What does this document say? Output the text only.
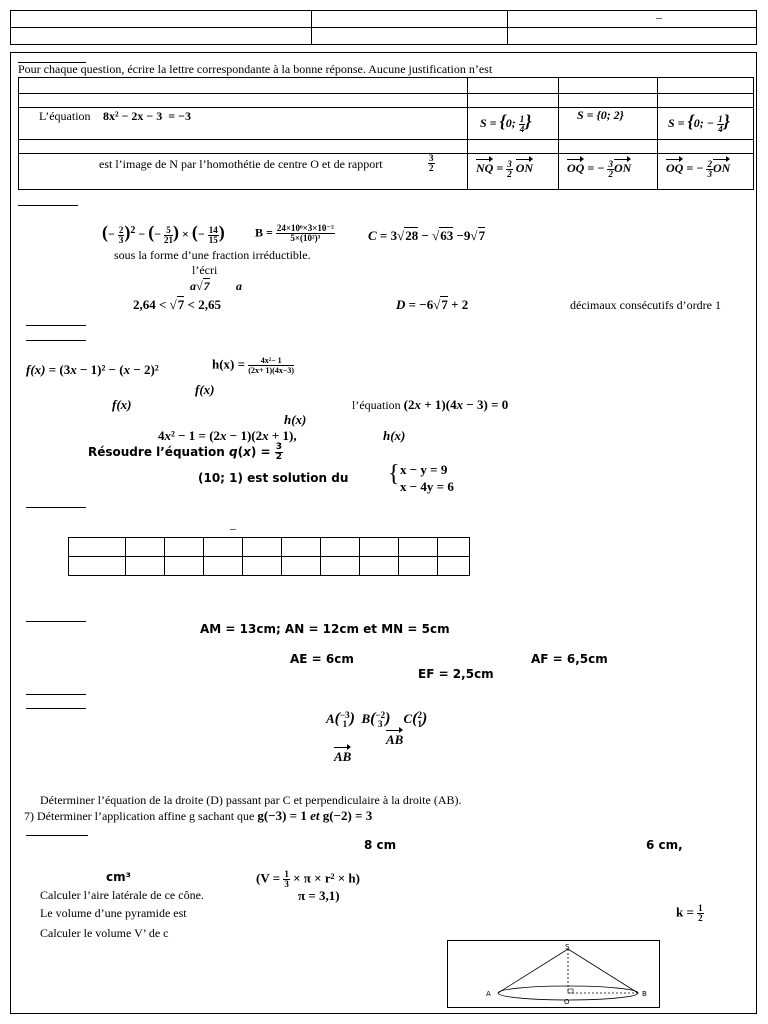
		–

Pour chaque question, écrire la lettre correspondante à la bonne réponse. Aucune justification n’est

L’équation 8x² − 2x − 3  = −3	S = {0; $\frac{1}{4}$ }	S = {0; 2}	S = {0; − $\frac{1}{4}$ }

est l’image de N par l’homothétie de centre O et de rapport $\frac{3}{2}$	NQ = $\frac{3}{2}$ ON	OQ = − $\frac{3}{2}$ ON	OQ = − $\frac{2}{3}$ ON
(− $\frac{2}{3} )^2$ − (− $\frac{5}{21}$ ) × (− $\frac{14}{15}$ )	$B = \frac{\text{24×10⁶×3×10⁻²}}{\text{5×(10²)³}}$	C = 3√28 − √63 −9√7
sous la forme d’une fraction irréductible.
l’écri
a√7 a
2,64 < √7 < 2,65	D = −6√7 + 2	décimaux consécutifs d’ordre 1
f(x) = (3x − 1)² − (x − 2)²	$h(x) = \frac{\text{4x²− 1}}{(2x+ 1)(4x-3)}$
f(x)
f(x)	l’équation (2x + 1)(4x − 3) = 0
h(x)
4x² − 1 = (2x − 1)(2x + 1),	h(x)
Résoudre l’équation $q(x) = \frac{3}{2}$
(10; 1) est solution du { x − y = 9
x − 4y = 6
–

AM = 13cm; AN = 12cm et MN = 5cm
AE = 6cm	AF = 6,5cm
EF = 2,5cm
A( −3
1 )  B( −2
3 )    C( 2
1 )
AB
AB
Déterminer l’équation de la droite (D) passant par C et perpendiculaire à la droite (AB).
7) Déterminer l’application affine g sachant que g(−3) = 1 et g(−2) = 3
8 cm	6 cm,
cm³	$(V = \frac{1}{3} \times \pi \times r^2 \times h)$
π = 3,1)
Calculer l’aire latérale de ce cône.
Le volume d’une pyramide est	$k = \frac{1}{2}$
Calculer le volume V’ de c
S
A
O
B
